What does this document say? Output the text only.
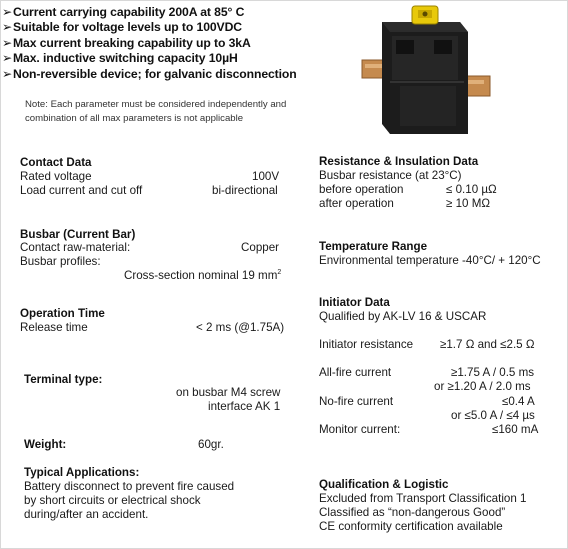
➢Current carrying capability 200A at 85° C
➢Suitable for voltage levels up to 100VDC
➢Max current breaking capability up to 3kA
➢Max. inductive switching capacity 10µH
➢Non-reversible device; for galvanic disconnection
Note: Each parameter must be considered independently and
combination of all max parameters is not applicable
Contact Data
Rated voltage	100V
Load current and cut off	bi-directional
Busbar (Current Bar)
Contact raw-material:	Copper
Busbar profiles:
Cross-section nominal 19 $mm^2$
Operation Time
Release time	< 2 ms (@1.75A)
Terminal type:
on busbar M4 screw
interface AK 1
Weight:	60gr.
Typical Applications:
Battery disconnect to prevent fire caused
by short circuits or electrical shock
during/after an accident.
Resistance & Insulation Data
Busbar resistance (at 23°C)
before operation	≤ 0.10 µΩ
after operation	≥ 10 MΩ
Temperature Range
Environmental temperature -40°C/ + 120°C
Initiator Data
Qualified by AK-LV 16 & USCAR
Initiator resistance ≥1.7 Ω and ≤2.5 Ω
All-fire current	≥1.75 A / 0.5 ms
or ≥1.20 A / 2.0 ms
No-fire current	≤0.4 A
or ≤5.0 A / ≤4 µs
Monitor current:	≤160 mA
Qualification & Logistic
Excluded from Transport Classification 1
Classified as “non-dangerous Good”
CE conformity certification available
